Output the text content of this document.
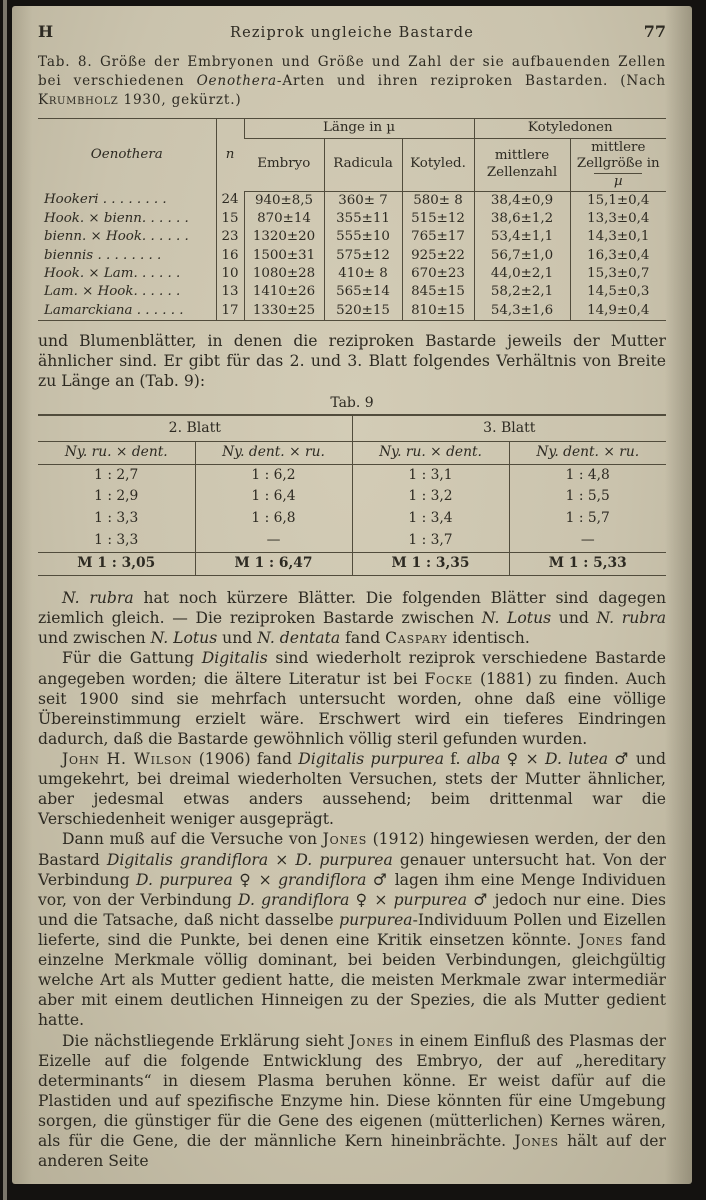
H	Reziprok ungleiche Bastarde	77

Tab. 8. Größe der Embryonen und Größe und Zahl der sie aufbauenden Zellen bei verschiedenen Oenothera-Arten und ihren reziproken Bastarden. (Nach Krumbholz 1930, gekürzt.)

Oenothera	n	Länge in µ			Kotyledonen	
		Embryo	Radicula	Kotyled.	mittlere Zellenzahl	mittlere Zellgröße in
µ

Hookeri . . . . . . . .	24	940±8,5	360± 7	580± 8	38,4±0,9	15,1±0,4
Hook. × bienn. . . . . .	15	870±14	355±11	515±12	38,6±1,2	13,3±0,4
bienn. × Hook. . . . . .	23	1320±20	555±10	765±17	53,4±1,1	14,3±0,1
biennis . . . . . . . .	16	1500±31	575±12	925±22	56,7±1,0	16,3±0,4
Hook. × Lam. . . . . .	10	1080±28	410± 8	670±23	44,0±2,1	15,3±0,7
Lam. × Hook. . . . . .	13	1410±26	565±14	845±15	58,2±2,1	14,5±0,3
Lamarckiana . . . . . .	17	1330±25	520±15	810±15	54,3±1,6	14,9±0,4

und Blumenblätter, in denen die reziproken Bastarde jeweils der Mutter ähnlicher sind. Er gibt für das 2. und 3. Blatt folgendes Verhältnis von Breite zu Länge an (Tab. 9):

Tab. 9
2. Blatt		3. Blatt	
Ny. ru. × dent.	Ny. dent. × ru.	Ny. ru. × dent.	Ny. dent. × ru.
1 : 2,7	1 : 6,2	1 : 3,1	1 : 4,8
1 : 2,9	1 : 6,4	1 : 3,2	1 : 5,5
1 : 3,3	1 : 6,8	1 : 3,4	1 : 5,7
1 : 3,3	—	1 : 3,7	—
M 1 : 3,05	M 1 : 6,47	M 1 : 3,35	M 1 : 5,33

N. rubra hat noch kürzere Blätter. Die folgenden Blätter sind dagegen ziemlich gleich. — Die reziproken Bastarde zwischen N. Lotus und N. rubra und zwischen N. Lotus und N. dentata fand Caspary identisch.

Für die Gattung Digitalis sind wiederholt reziprok verschiedene Bastarde angegeben worden; die ältere Literatur ist bei Focke (1881) zu finden. Auch seit 1900 sind sie mehrfach untersucht worden, ohne daß eine völlige Übereinstimmung erzielt wäre. Erschwert wird ein tieferes Eindringen dadurch, daß die Bastarde gewöhnlich völlig steril gefunden wurden.

John H. Wilson (1906) fand Digitalis purpurea f. alba ♀ × D. lutea ♂ und umgekehrt, bei dreimal wiederholten Versuchen, stets der Mutter ähnlicher, aber jedesmal etwas anders aussehend; beim drittenmal war die Verschiedenheit weniger ausgeprägt.

Dann muß auf die Versuche von Jones (1912) hingewiesen werden, der den Bastard Digitalis grandiflora × D. purpurea genauer untersucht hat. Von der Verbindung D. purpurea ♀ × grandiflora ♂ lagen ihm eine Menge Individuen vor, von der Verbindung D. grandiflora ♀ × purpurea ♂ jedoch nur eine. Dies und die Tatsache, daß nicht dasselbe purpurea-Individuum Pollen und Eizellen lieferte, sind die Punkte, bei denen eine Kritik einsetzen könnte. Jones fand einzelne Merkmale völlig dominant, bei beiden Verbindungen, gleichgültig welche Art als Mutter gedient hatte, die meisten Merkmale zwar intermediär aber mit einem deutlichen Hinneigen zu der Spezies, die als Mutter gedient hatte.

Die nächstliegende Erklärung sieht Jones in einem Einfluß des Plasmas der Eizelle auf die folgende Entwicklung des Embryo, der auf „hereditary determinants“ in diesem Plasma beruhen könne. Er weist dafür auf die Plastiden und auf spezifische Enzyme hin. Diese könnten für eine Umgebung sorgen, die günstiger für die Gene des eigenen (mütterlichen) Kernes wären, als für die Gene, die der männliche Kern hineinbrächte. Jones hält auf der anderen Seite
